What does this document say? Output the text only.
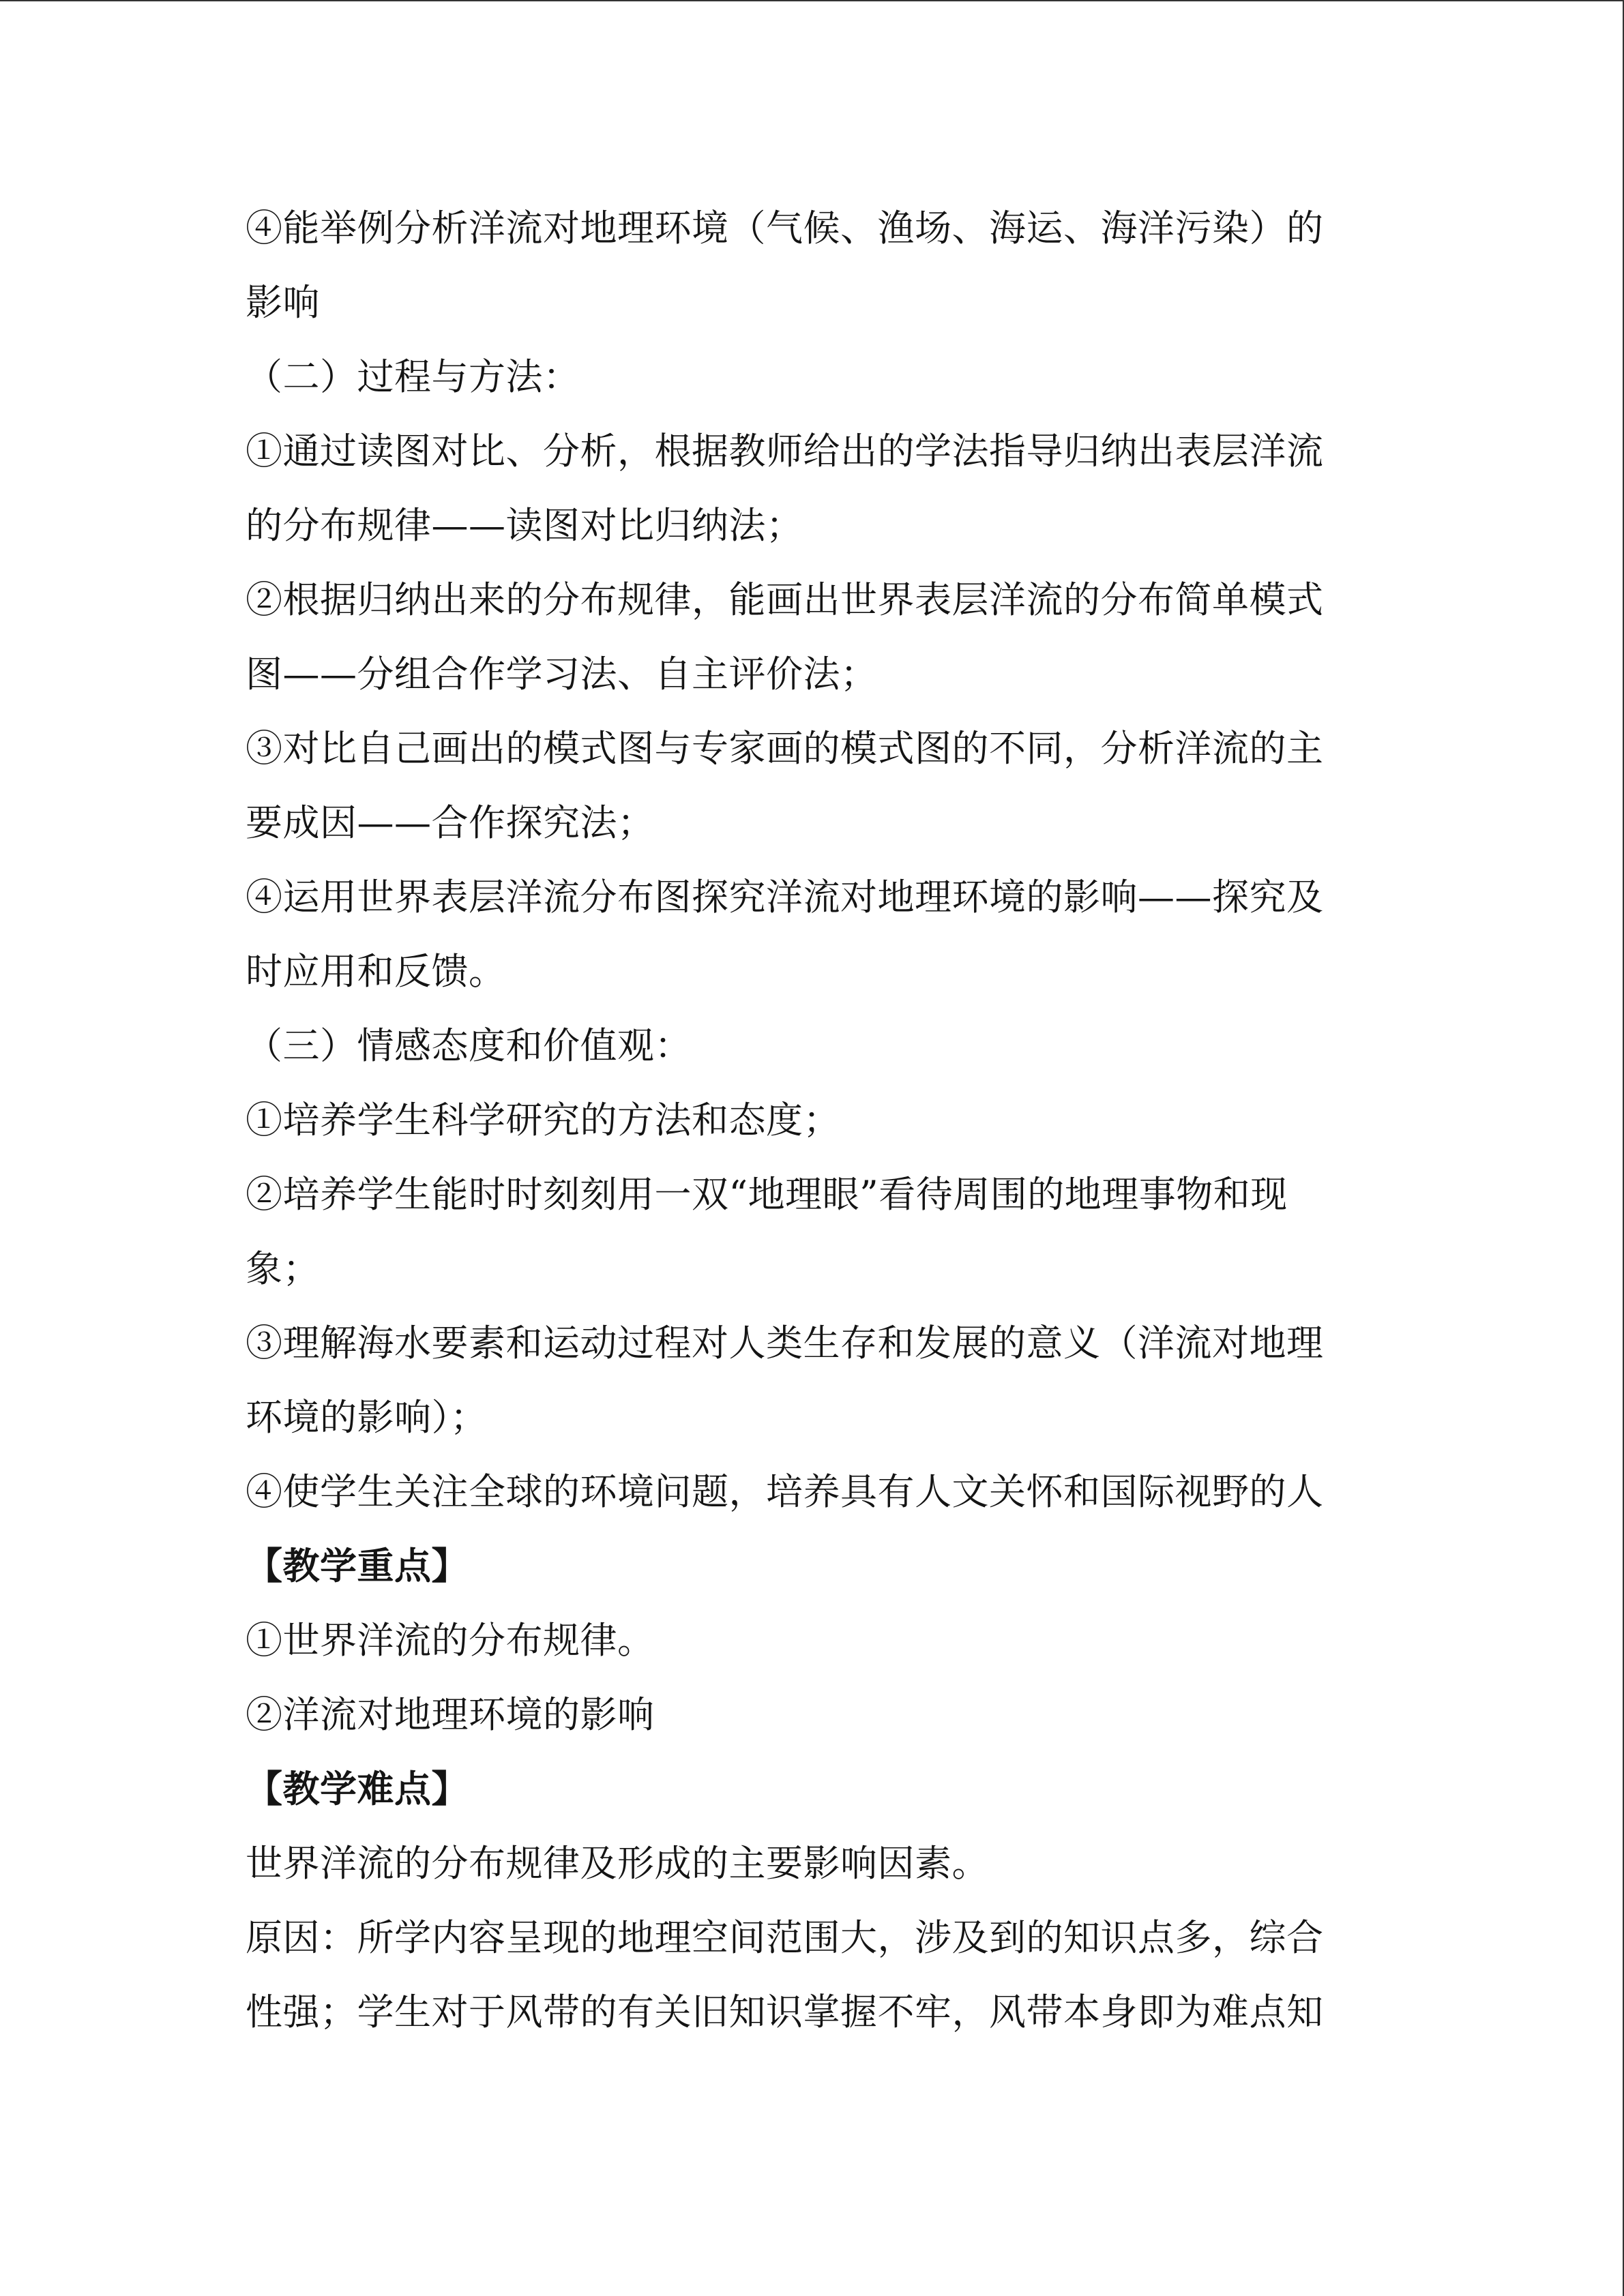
④能举例分析洋流对地理环境（气候、渔场、海运、海洋污染）的
影响
（二）过程与方法：
①通过读图对比、分析，根据教师给出的学法指导归纳出表层洋流
的分布规律——读图对比归纳法；
②根据归纳出来的分布规律，能画出世界表层洋流的分布简单模式
图——分组合作学习法、自主评价法；
③对比自己画出的模式图与专家画的模式图的不同，分析洋流的主
要成因——合作探究法；
④运用世界表层洋流分布图探究洋流对地理环境的影响——探究及
时应用和反馈。
（三）情感态度和价值观：
①培养学生科学研究的方法和态度；
②培养学生能时时刻刻用一双“地理眼”看待周围的地理事物和现
象；
③理解海水要素和运动过程对人类生存和发展的意义（洋流对地理
环境的影响）；
④使学生关注全球的环境问题，培养具有人文关怀和国际视野的人
【教学重点】
①世界洋流的分布规律。
②洋流对地理环境的影响
【教学难点】
世界洋流的分布规律及形成的主要影响因素。
原因：所学内容呈现的地理空间范围大，涉及到的知识点多，综合
性强；学生对于风带的有关旧知识掌握不牢，风带本身即为难点知
